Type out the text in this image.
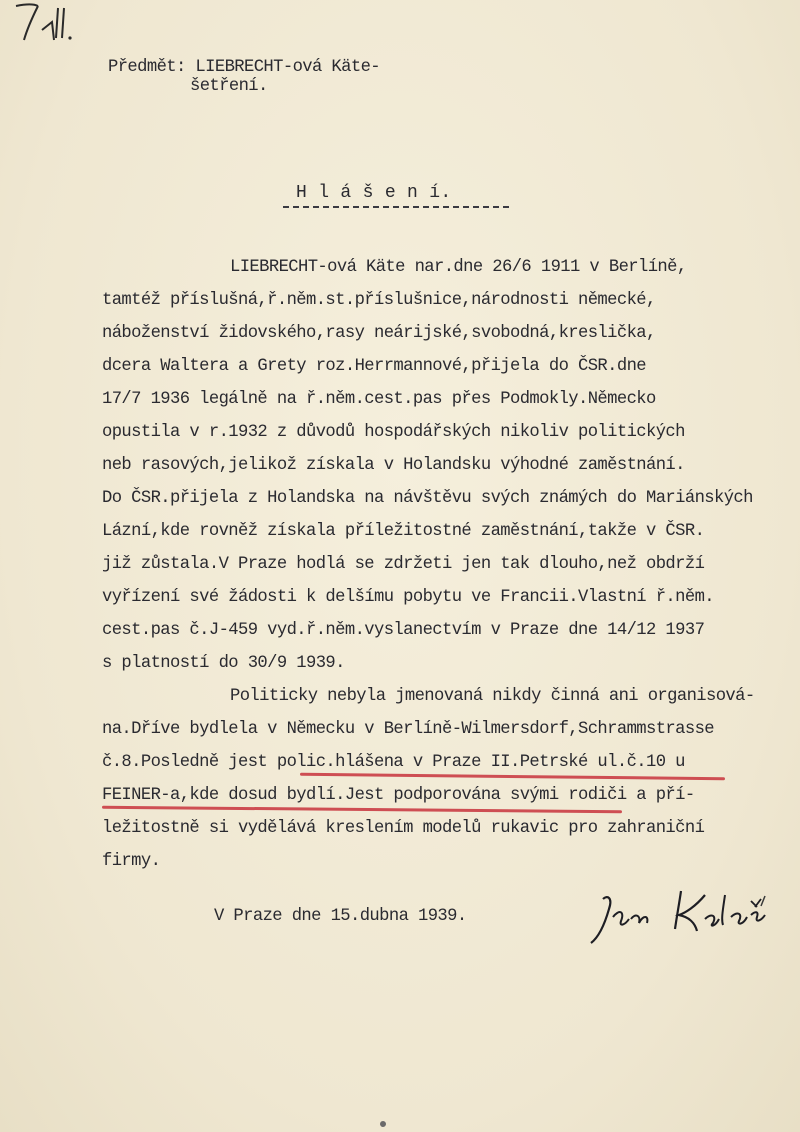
Předmět: LIEBRECHT-ová Käte-
šetření.
H l á š e n í.
LIEBRECHT-ová Käte nar.dne 26/6 1911 v Berlíně,
tamtéž příslušná,ř.něm.st.příslušnice,národnosti německé,
náboženství židovského,rasy neárijské,svobodná,kreslička,
dcera Waltera a Grety roz.Herrmannové,přijela do ČSR.dne
17/7 1936 legálně na ř.něm.cest.pas přes Podmokly.Německo
opustila v r.1932 z důvodů hospodářských nikoliv politických
neb rasových,jelikož získala v Holandsku výhodné zaměstnání.
Do ČSR.přijela z Holandska na návštěvu svých známých do Mariánských
Lázní,kde rovněž získala příležitostné zaměstnání,takže v ČSR.
již zůstala.V Praze hodlá se zdržeti jen tak dlouho,než obdrží
vyřízení své žádosti k delšímu pobytu ve Francii.Vlastní ř.něm.
cest.pas č.J-459 vyd.ř.něm.vyslanectvím v Praze dne 14/12 1937
s platností do 30/9 1939.
Politicky nebyla jmenovaná nikdy činná ani organisová-
na.Dříve bydlela v Německu v Berlíně-Wilmersdorf,Schrammstrasse
č.8.Posledně jest polic.hlášena v Praze II.Petrské ul.č.10 u
FEINER-a,kde dosud bydlí.Jest podporována svými rodiči a pří-
ležitostně si vydělává kreslením modelů rukavic pro zahraniční
firmy.
V Praze dne 15.dubna 1939.
